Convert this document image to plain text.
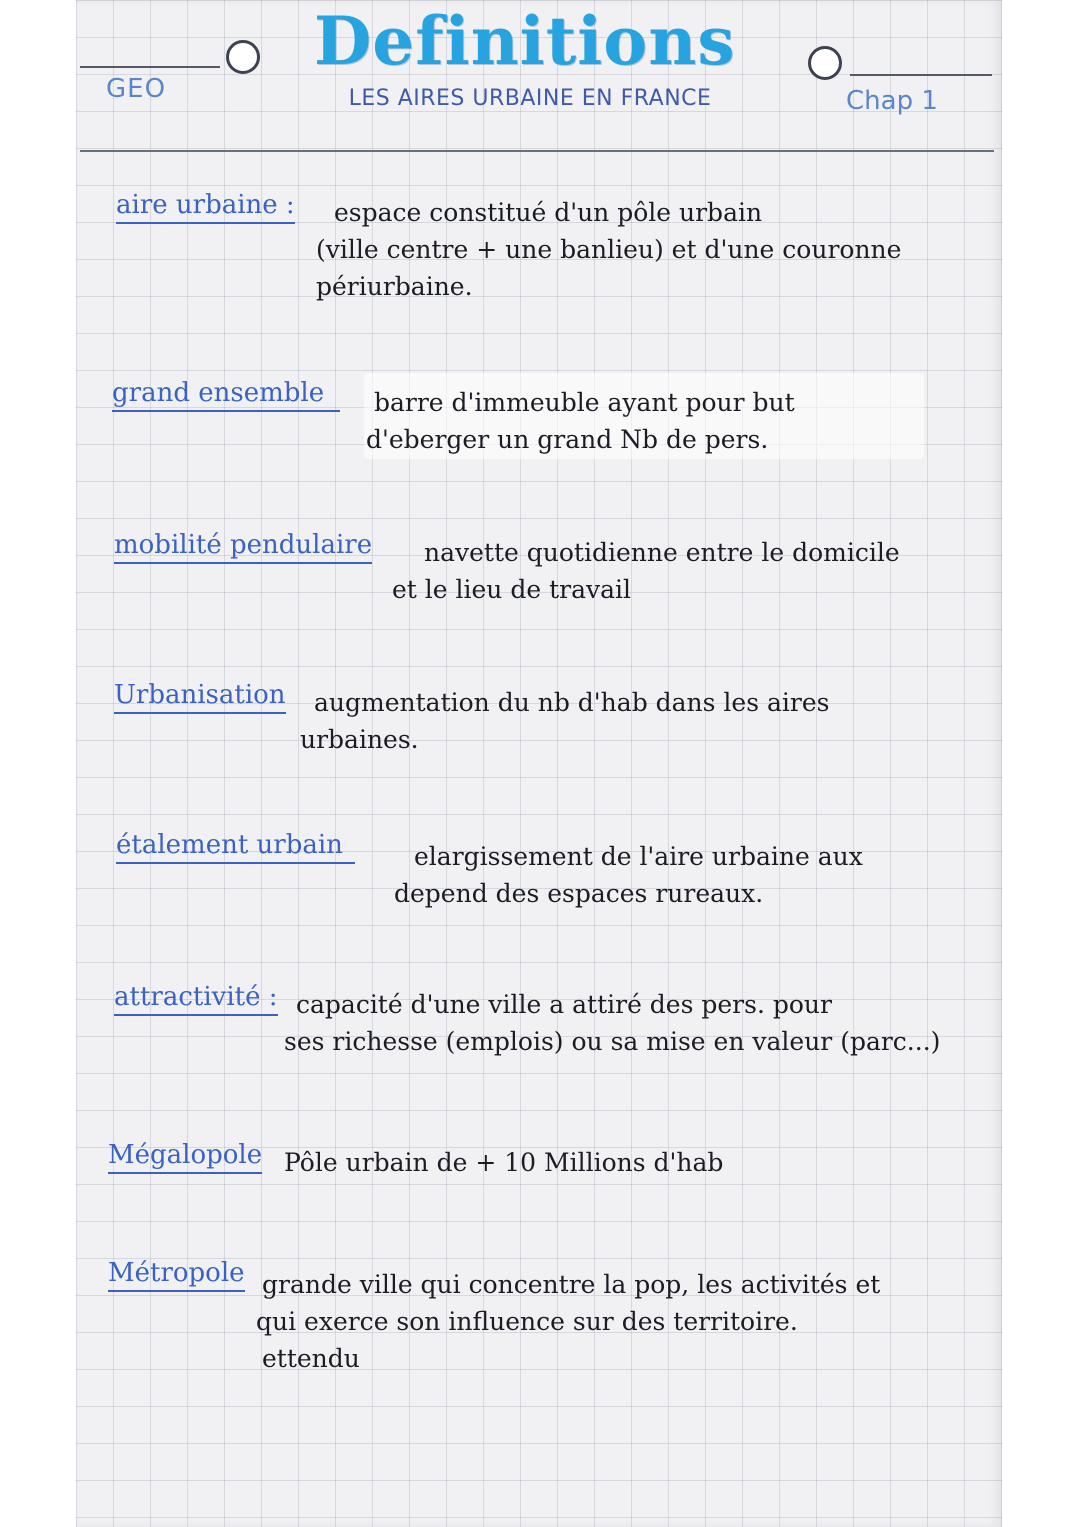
GEO
Definitions
LES AIRES URBAINE EN FRANCE	Chap 1
aire urbaine : espace constitué d'un pôle urbain
(ville centre + une banlieu) et d'une couronne
périurbaine.
grand ensemble	barre d'immeuble ayant pour but
d'eberger un grand Nb de pers.
mobilité pendulaire navette quotidienne entre le domicile
et le lieu de travail
Urbanisation augmentation du nb d'hab dans les aires
urbaines.
étalement urbain	elargissement de l'aire urbaine aux
depend des espaces rureaux.
attractivité : capacité d'une ville a attiré des pers. pour
ses richesse (emplois) ou sa mise en valeur (parc...)
Mégalopole Pôle urbain de + 10 Millions d'hab
Métropole grande ville qui concentre la pop, les activités et
qui exerce son influence sur des territoire.
ettendu
